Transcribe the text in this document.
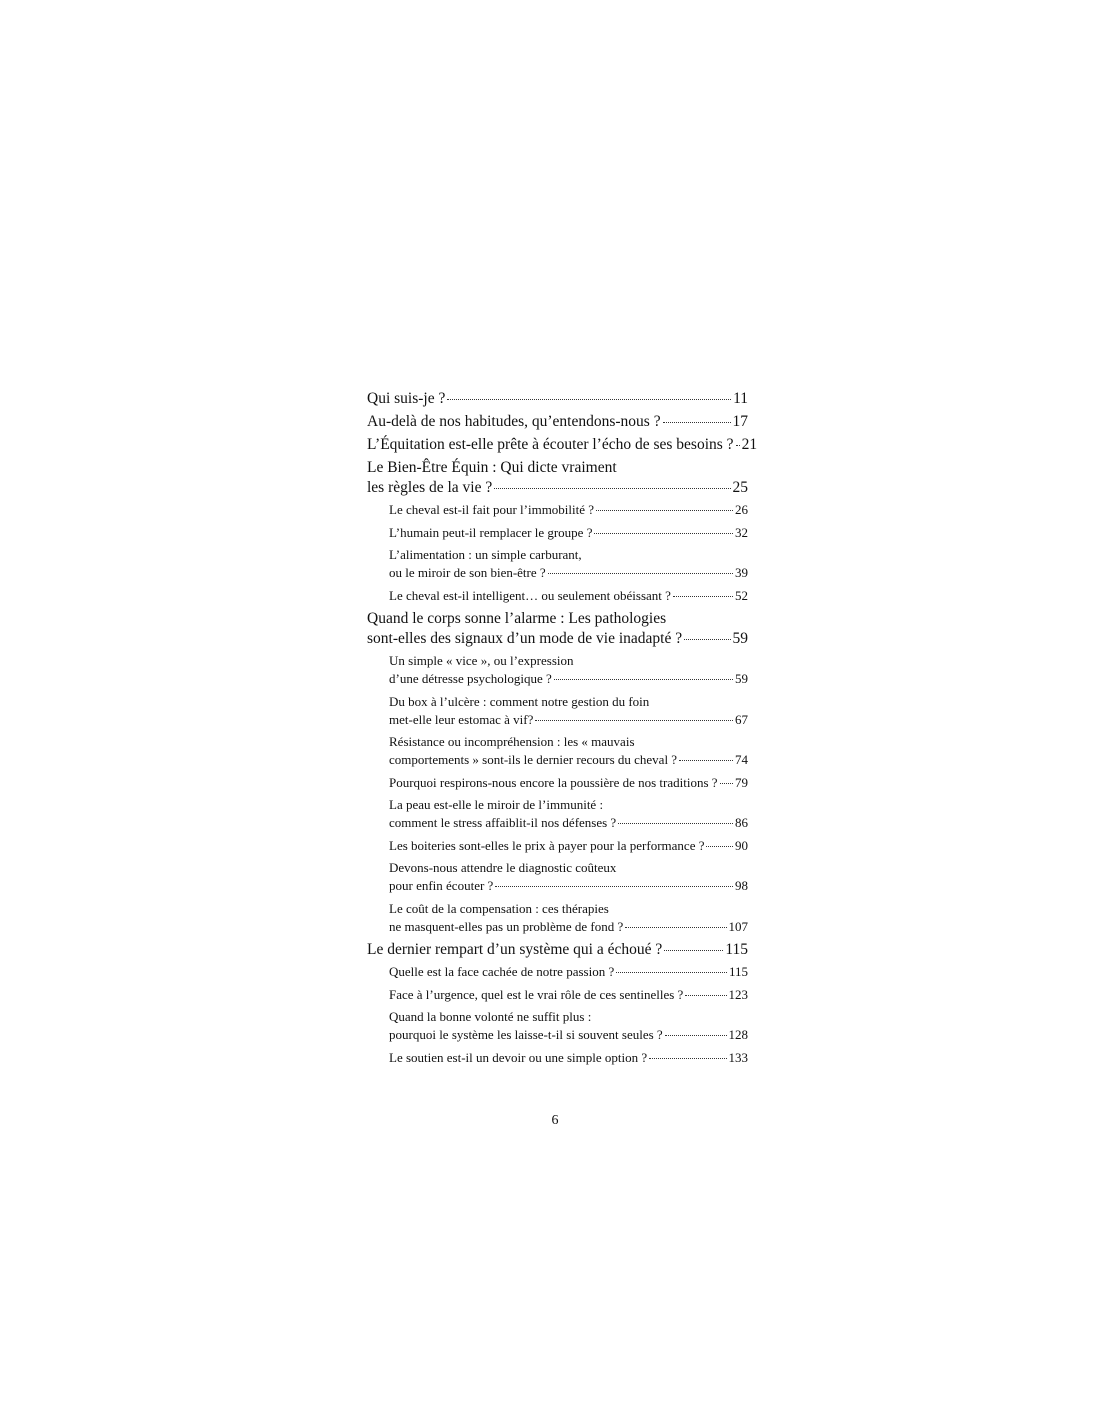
Qui suis-je ?	11
Au-delà de nos habitudes, qu’entendons-nous ?	17
L’Équitation est-elle prête à écouter l’écho de ses besoins ? 21
Le Bien-Être Équin : Qui dicte vraiment
les règles de la vie ?	25
Le cheval est-il fait pour l’immobilité ?	26
L’humain peut-il remplacer le groupe ?	32
L’alimentation : un simple carburant,
ou le miroir de son bien-être ?	39
Le cheval est-il intelligent… ou seulement obéissant ?	52
Quand le corps sonne l’alarme : Les pathologies
sont-elles des signaux d’un mode de vie inadapté ?	59
Un simple « vice », ou l’expression
d’une détresse psychologique ?	59
Du box à l’ulcère : comment notre gestion du foin
met-elle leur estomac à vif?	67
Résistance ou incompréhension : les « mauvais
comportements » sont-ils le dernier recours du cheval ?	74
Pourquoi respirons-nous encore la poussière de nos traditions ? 79
La peau est-elle le miroir de l’immunité :
comment le stress affaiblit-il nos défenses ?	86
Les boiteries sont-elles le prix à payer pour la performance ? 90
Devons-nous attendre le diagnostic coûteux
pour enfin écouter ?	98
Le coût de la compensation : ces thérapies
ne masquent-elles pas un problème de fond ?	107
Le dernier rempart d’un système qui a échoué ?	115
Quelle est la face cachée de notre passion ?	115
Face à l’urgence, quel est le vrai rôle de ces sentinelles ?	123
Quand la bonne volonté ne suffit plus :
pourquoi le système les laisse-t-il si souvent seules ?	128
Le soutien est-il un devoir ou une simple option ?	133
6
